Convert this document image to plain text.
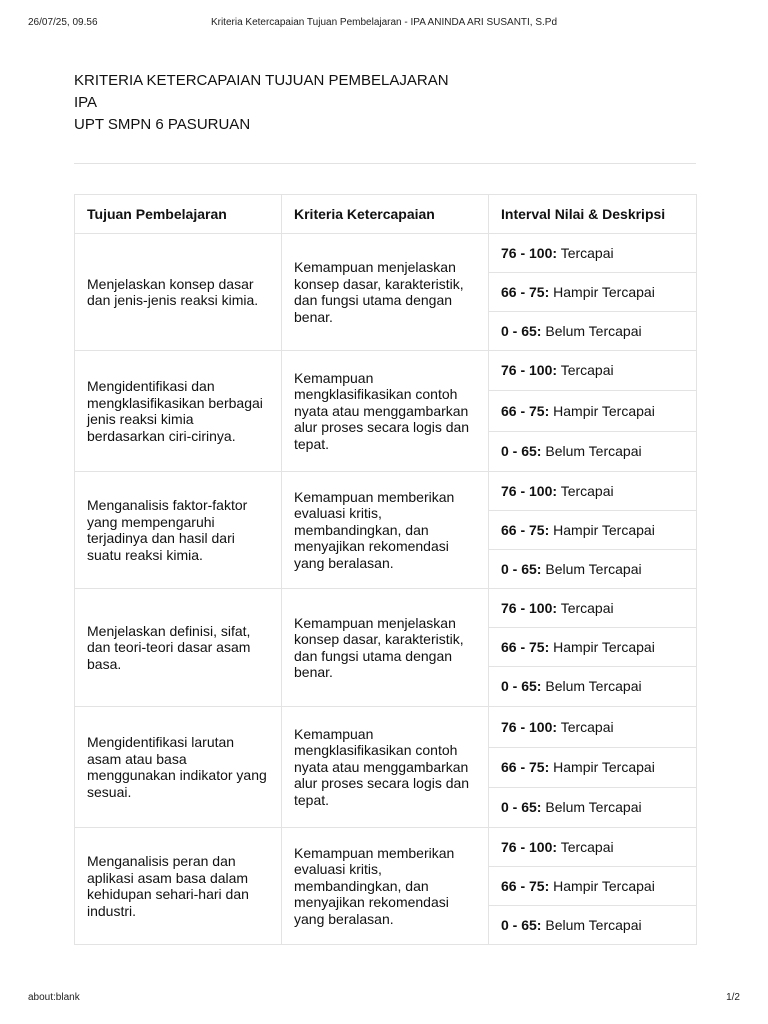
26/07/25, 09.56	Kriteria Ketercapaian Tujuan Pembelajaran - IPA ANINDA ARI SUSANTI, S.Pd
KRITERIA KETERCAPAIAN TUJUAN PEMBELAJARAN
IPA
UPT SMPN 6 PASURUAN
Tujuan Pembelajaran	Kriteria Ketercapaian	Interval Nilai & Deskripsi
Menjelaskan konsep dasar dan jenis-jenis reaksi kimia.	Kemampuan menjelaskan konsep dasar, karakteristik, dan fungsi utama dengan benar.	76 - 100: Tercapai
		66 - 75: Hampir Tercapai
		0 - 65: Belum Tercapai
Mengidentifikasi dan mengklasifikasikan berbagai jenis reaksi kimia berdasarkan ciri-cirinya.	Kemampuan mengklasifikasikan contoh nyata atau menggambarkan alur proses secara logis dan tepat.	76 - 100: Tercapai
		66 - 75: Hampir Tercapai
		0 - 65: Belum Tercapai
Menganalisis faktor-faktor yang mempengaruhi terjadinya dan hasil dari suatu reaksi kimia.	Kemampuan memberikan evaluasi kritis, membandingkan, dan menyajikan rekomendasi yang beralasan.	76 - 100: Tercapai
		66 - 75: Hampir Tercapai
		0 - 65: Belum Tercapai
Menjelaskan definisi, sifat, dan teori-teori dasar asam basa.	Kemampuan menjelaskan konsep dasar, karakteristik, dan fungsi utama dengan benar.	76 - 100: Tercapai
		66 - 75: Hampir Tercapai
		0 - 65: Belum Tercapai
Mengidentifikasi larutan asam atau basa menggunakan indikator yang sesuai.	Kemampuan mengklasifikasikan contoh nyata atau menggambarkan alur proses secara logis dan tepat.	76 - 100: Tercapai
		66 - 75: Hampir Tercapai
		0 - 65: Belum Tercapai
Menganalisis peran dan aplikasi asam basa dalam kehidupan sehari-hari dan industri.	Kemampuan memberikan evaluasi kritis, membandingkan, dan menyajikan rekomendasi yang beralasan.	76 - 100: Tercapai
		66 - 75: Hampir Tercapai
		0 - 65: Belum Tercapai
about:blank	1/2
